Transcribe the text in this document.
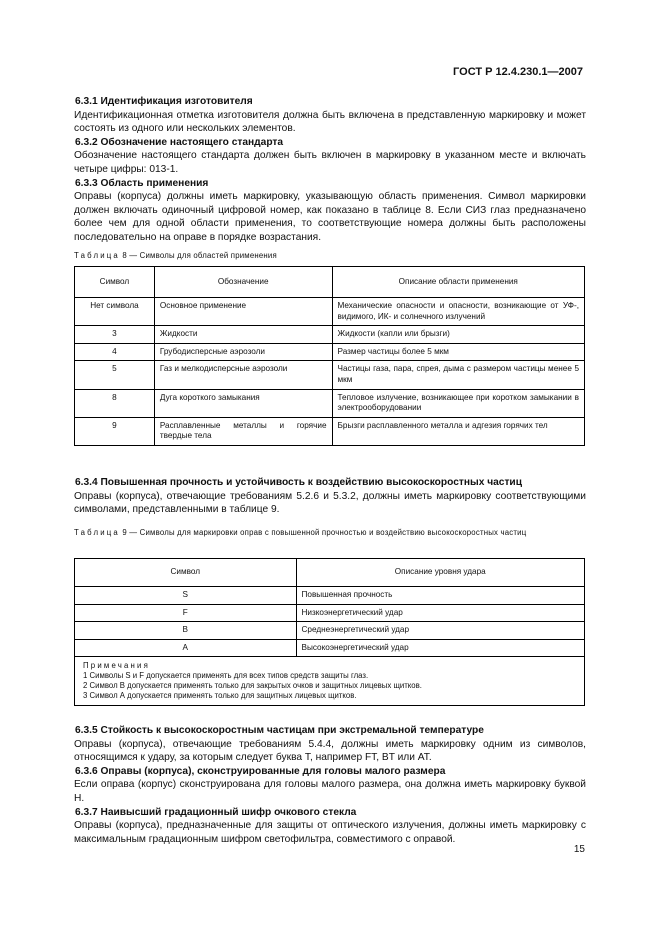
ГОСТ Р 12.4.230.1—2007
6.3.1 Идентификация изготовителя
Идентификационная отметка изготовителя должна быть включена в представленную маркировку и может состоять из одного или нескольких элементов.
6.3.2 Обозначение настоящего стандарта
Обозначение настоящего стандарта должен быть включен в маркировку в указанном месте и включать четыре цифры: 013-1.
6.3.3 Область применения
Оправы (корпуса) должны иметь маркировку, указывающую область применения. Символ маркировки должен включать одиночный цифровой номер, как показано в таблице 8. Если СИЗ глаз предназначено более чем для одной области применения, то соответствующие номера должны быть расположены последовательно на оправе в порядке возрастания.
Таблица 8 — Символы для областей применения
Символ	Обозначение	Описание области применения
Нет символа	Основное применение	Механические опасности и опасности, возникающие от УФ-, видимого, ИК- и солнечного излучений
3	Жидкости	Жидкости (капли или брызги)
4	Грубодисперсные аэрозоли	Размер частицы более 5 мкм
5	Газ и мелкодисперсные аэрозоли	Частицы газа, пара, спрея, дыма с размером частицы менее 5 мкм
8	Дуга короткого замыкания	Тепловое излучение, возникающее при коротком замыкании в электрооборудовании
9	Расплавленные металлы и горячие твердые тела	Брызги расплавленного металла и адгезия горячих тел
6.3.4 Повышенная прочность и устойчивость к воздействию высокоскоростных частиц
Оправы (корпуса), отвечающие требованиям 5.2.6 и 5.3.2, должны иметь маркировку соответствующими символами, представленными в таблице 9.
Таблица 9 — Символы для маркировки оправ с повышенной прочностью и воздействию высокоскоростных частиц
Символ	Описание уровня удара
S	Повышенная прочность
F	Низкоэнергетический удар
B	Среднеэнергетический удар
A	Высокоэнергетический удар

Примечания
1 Символы S и F допускается применять для всех типов средств защиты глаз.
2 Символ В допускается применять только для закрытых очков и защитных лицевых щитков.
3 Символ А допускается применять только для защитных лицевых щитков.	
6.3.5 Стойкость к высокоскоростным частицам при экстремальной температуре
Оправы (корпуса), отвечающие требованиям 5.4.4, должны иметь маркировку одним из символов, относящимся к удару, за которым следует буква Т, например FT, BT или AT.
6.3.6 Оправы (корпуса), сконструированные для головы малого размера
Если оправа (корпус) сконструирована для головы малого размера, она должна иметь маркировку буквой Н.
6.3.7 Наивысший градационный шифр очкового стекла
Оправы (корпуса), предназначенные для защиты от оптического излучения, должны иметь маркировку с максимальным градационным шифром светофильтра, совместимого с оправой.
15
